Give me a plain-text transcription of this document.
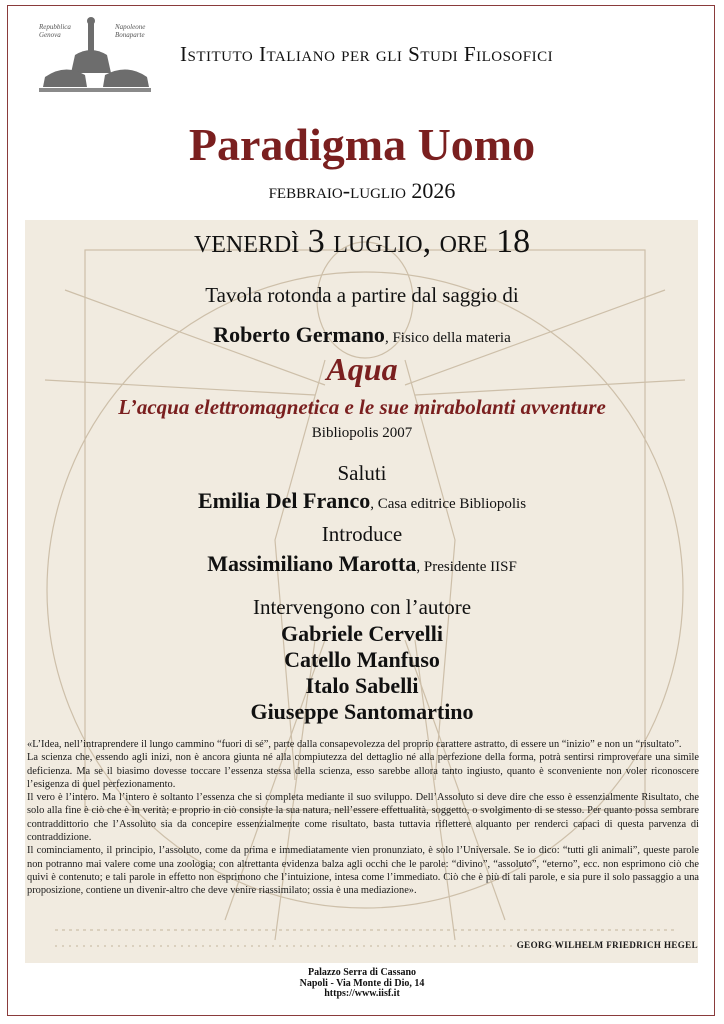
Repubblica
Genova
Napoleone
Bonaparte
Istituto Italiano per gli Studi Filosofici
Paradigma Uomo
febbraio-luglio 2026
venerdì 3 luglio, ore 18
Tavola rotonda a partire dal saggio di
Roberto Germano, Fisico della materia
Aqua
L’acqua elettromagnetica e le sue mirabolanti avventure
Bibliopolis 2007
Saluti
Emilia Del Franco, Casa editrice Bibliopolis
Introduce
Massimiliano Marotta, Presidente IISF
Intervengono con l’autore
Gabriele Cervelli
Catello Manfuso
Italo Sabelli
Giuseppe Santomartino

«L’Idea, nell’intraprendere il lungo cammino “fuori di sé”, parte dalla consapevolezza del proprio carattere astratto, di essere un “inizio” e non un “risultato”.

La scienza che, essendo agli inizi, non è ancora giunta né alla compiutezza del dettaglio né alla perfezione della forma, potrà sentirsi rimproverare una simile deficienza. Ma se il biasimo dovesse toccare l’essenza stessa della scienza, esso sarebbe allora tanto ingiusto, quanto è sconveniente non voler riconoscere l’esigenza di quel perfezionamento.

Il vero è l’intero. Ma l’intero è soltanto l’essenza che si completa mediante il suo sviluppo. Dell’Assoluto si deve dire che esso è essenzialmente Risultato, che solo alla fine è ciò che è in verità; e proprio in ciò consiste la sua natura, nell’essere effettualità, soggetto, o svolgimento di se stesso. Per quanto possa sembrare contraddittorio che l’Assoluto sia da concepire essenzialmente come risultato, basta tuttavia riflettere alquanto per renderci capaci di questa parvenza di contraddizione.

Il cominciamento, il principio, l’assoluto, come da prima e immediatamente vien pronunziato, è solo l’Universale. Se io dico: “tutti gli animali”, queste parole non potranno mai valere come una zoologia; con altrettanta evidenza balza agli occhi che le parole: “divino”, “assoluto”, “eterno”, ecc. non esprimono ciò che quivi è contenuto; e tali parole in effetto non esprimono che l’intuizione, intesa come l’immediato. Ciò che è più di tali parole, e sia pure il solo passaggio a una proposizione, contiene un divenir-altro che deve venire riassimilato; ossia è una mediazione».

GEORG WILHELM FRIEDRICH HEGEL
Palazzo Serra di Cassano
Napoli - Via Monte di Dio, 14
https://www.iisf.it
